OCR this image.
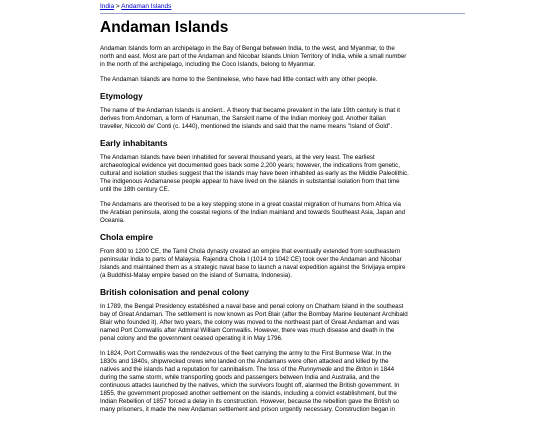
India > Andaman Islands
Andaman Islands

Andaman Islands form an archipelago in the Bay of Bengal between India, to the west, and Myanmar, to the
north and east. Most are part of the Andaman and Nicobar Islands Union Territory of India, while a small number
in the north of the archipelago, including the Coco Islands, belong to Myanmar.

The Andaman Islands are home to the Sentinelese, who have had little contact with any other people.

Etymology

The name of the Andaman Islands is ancient.. A theory that became prevalent in the late 19th century is that it
derives from Andoman, a form of Hanuman, the Sanskrit name of the Indian monkey god. Another Italian
traveller, Niccolò de' Conti (c. 1440), mentioned the islands and said that the name means "Island of Gold".

Early inhabitants

The Andaman Islands have been inhabited for several thousand years, at the very least. The earliest
archaeological evidence yet documented goes back some 2,200 years; however, the indications from genetic,
cultural and isolation studies suggest that the islands may have been inhabited as early as the Middle Paleolithic.
The indigenous Andamanese people appear to have lived on the islands in substantial isolation from that time
until the 18th century CE.

The Andamans are theorised to be a key stepping stone in a great coastal migration of humans from Africa via
the Arabian peninsula, along the coastal regions of the Indian mainland and towards Southeast Asia, Japan and
Oceania.

Chola empire

From 800 to 1200 CE, the Tamil Chola dynasty created an empire that eventually extended from southeastern
peninsular India to parts of Malaysia. Rajendra Chola I (1014 to 1042 CE) took over the Andaman and Nicobar
Islands and maintained them as a strategic naval base to launch a naval expedition against the Srivijaya empire
(a Buddhist-Malay empire based on the island of Sumatra, Indonesia).

British colonisation and penal colony

In 1789, the Bengal Presidency established a naval base and penal colony on Chatham Island in the southeast
bay of Great Andaman. The settlement is now known as Port Blair (after the Bombay Marine lieutenant Archibald
Blair who founded it). After two years, the colony was moved to the northeast part of Great Andaman and was
named Port Cornwallis after Admiral William Cornwallis. However, there was much disease and death in the
penal colony and the government ceased operating it in May 1796.

In 1824, Port Cornwallis was the rendezvous of the fleet carrying the army to the First Burmese War. In the
1830s and 1840s, shipwrecked crews who landed on the Andamans were often attacked and killed by the
natives and the islands had a reputation for cannibalism. The loss of the Runnymede and the Briton in 1844
during the same storm, while transporting goods and passengers between India and Australia, and the
continuous attacks launched by the natives, which the survivors fought off, alarmed the British government. In
1855, the government proposed another settlement on the islands, including a convict establishment, but the
Indian Rebellion of 1857 forced a delay in its construction. However, because the rebellion gave the British so
many prisoners, it made the new Andaman settlement and prison urgently necessary. Construction began in
